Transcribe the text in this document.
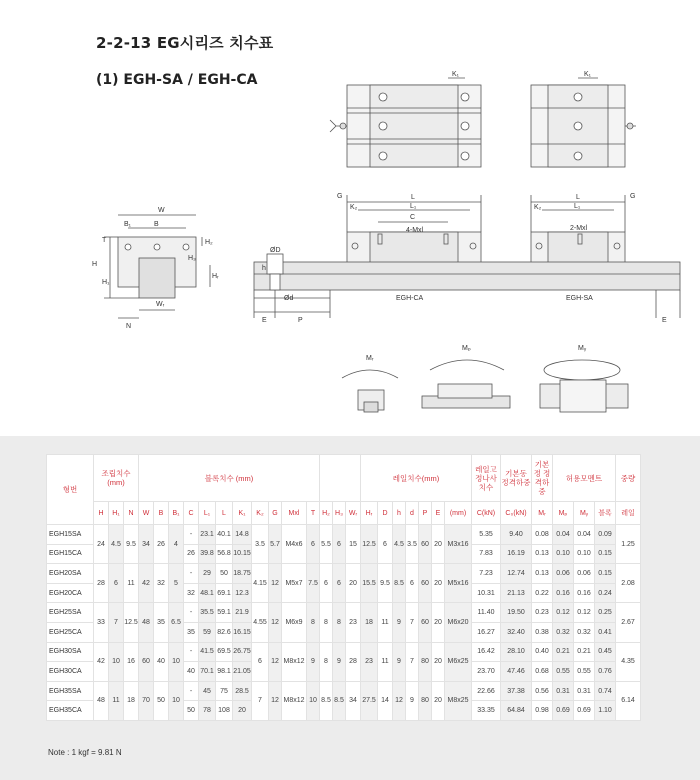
2-2-13 EG시리즈 치수표
(1) EGH-SA / EGH-CA
W
B₁	B
T
H
H₁
H₂
H₃
Hᵣ
N
Wᵣ
ØD
h
Ød
E	P	E
G	G
K₂	K₂
L	L
L₁	L₁
C
4-Mxl	2-Mxl
K₁	K₁
EGH-CA	EGH-SA
Mᵣ
Mₚ	Mᵧ
형번	조립치수 (mm)			블록치수 (mm)														레일치수(mm)							레일고정나사치수	기본동 정격하중	기본정 정격하중	허용모멘트			중량
	H	H₁	N	W	B	B₁	C	L₁	L	K₁	K₂	G	Mxl	T	H₂	H₃	Wᵣ	Hᵣ	D	h	d	P	E	(mm)	C(kN)	C₀(kN)	Mᵣ	Mₚ	Mᵧ	블록	레일
EGH15SA	24	4.5	9.5	34	26	4	-	23.1	40.1	14.8	3.5	5.7	M4x6	6	5.5	6	15	12.5	6	4.5	3.5	60	20	M3x16	5.35	9.40	0.08	0.04	0.04	0.09	1.25
EGH15CA							26	39.8	56.8	10.15															7.83	16.19	0.13	0.10	0.10	0.15	
EGH20SA	28	6	11	42	32	5	-	29	50	18.75	4.15	12	M5x7	7.5	6	6	20	15.5	9.5	8.5	6	60	20	M5x16	7.23	12.74	0.13	0.06	0.06	0.15	2.08
EGH20CA							32	48.1	69.1	12.3															10.31	21.13	0.22	0.16	0.16	0.24	
EGH25SA	33	7	12.5	48	35	6.5	-	35.5	59.1	21.9	4.55	12	M6x9	8	8	8	23	18	11	9	7	60	20	M6x20	11.40	19.50	0.23	0.12	0.12	0.25	2.67
EGH25CA							35	59	82.6	16.15															16.27	32.40	0.38	0.32	0.32	0.41	
EGH30SA	42	10	16	60	40	10	-	41.5	69.5	26.75	6	12	M8x12	9	8	9	28	23	11	9	7	80	20	M6x25	16.42	28.10	0.40	0.21	0.21	0.45	4.35
EGH30CA							40	70.1	98.1	21.05															23.70	47.46	0.68	0.55	0.55	0.76	
EGH35SA	48	11	18	70	50	10	-	45	75	28.5	7	12	M8x12	10	8.5	8.5	34	27.5	14	12	9	80	20	M8x25	22.66	37.38	0.56	0.31	0.31	0.74	6.14
EGH35CA							50	78	108	20															33.35	64.84	0.98	0.69	0.69	1.10	
Note : 1 kgf = 9.81 N
